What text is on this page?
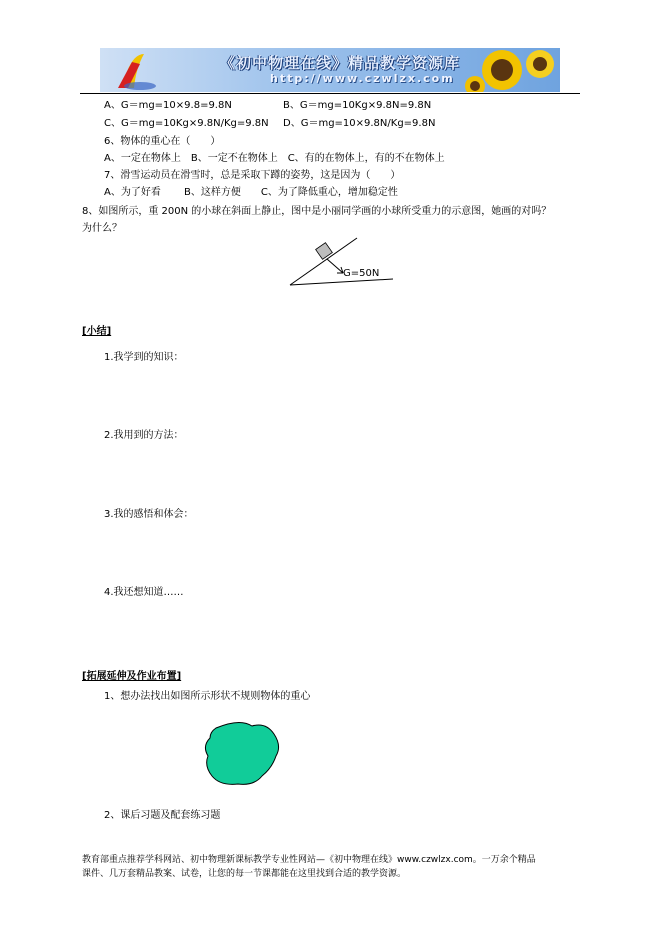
《初中物理在线》精品教学资源库
http://www.czwlzx.com
A、G＝mg=10×9.8=9.8N	B、G＝mg=10Kg×9.8N=9.8N
C、G＝mg=10Kg×9.8N/Kg=9.8N D、G＝mg=10×9.8N/Kg=9.8N
6、物体的重心在（　　）
A、一定在物体上　B、一定不在物体上　C、有的在物体上，有的不在物体上
7、滑雪运动员在滑雪时，总是采取下蹲的姿势，这是因为（　　）
A、为了好看　　 B、这样方便　　C、为了降低重心，增加稳定性
8、如图所示，重 200N 的小球在斜面上静止，图中是小丽同学画的小球所受重力的示意图，她画的对吗？
为什么？
G=50N
[小结]
1.我学到的知识：
2.我用到的方法：
3.我的感悟和体会：
4.我还想知道……
[拓展延伸及作业布置]
1、想办法找出如图所示形状不规则物体的重心
2、课后习题及配套练习题
教育部重点推荐学科网站、初中物理新课标教学专业性网站—《初中物理在线》www.czwlzx.com。一万余个精品
课件、几万套精品教案、试卷，让您的每一节课都能在这里找到合适的教学资源。
